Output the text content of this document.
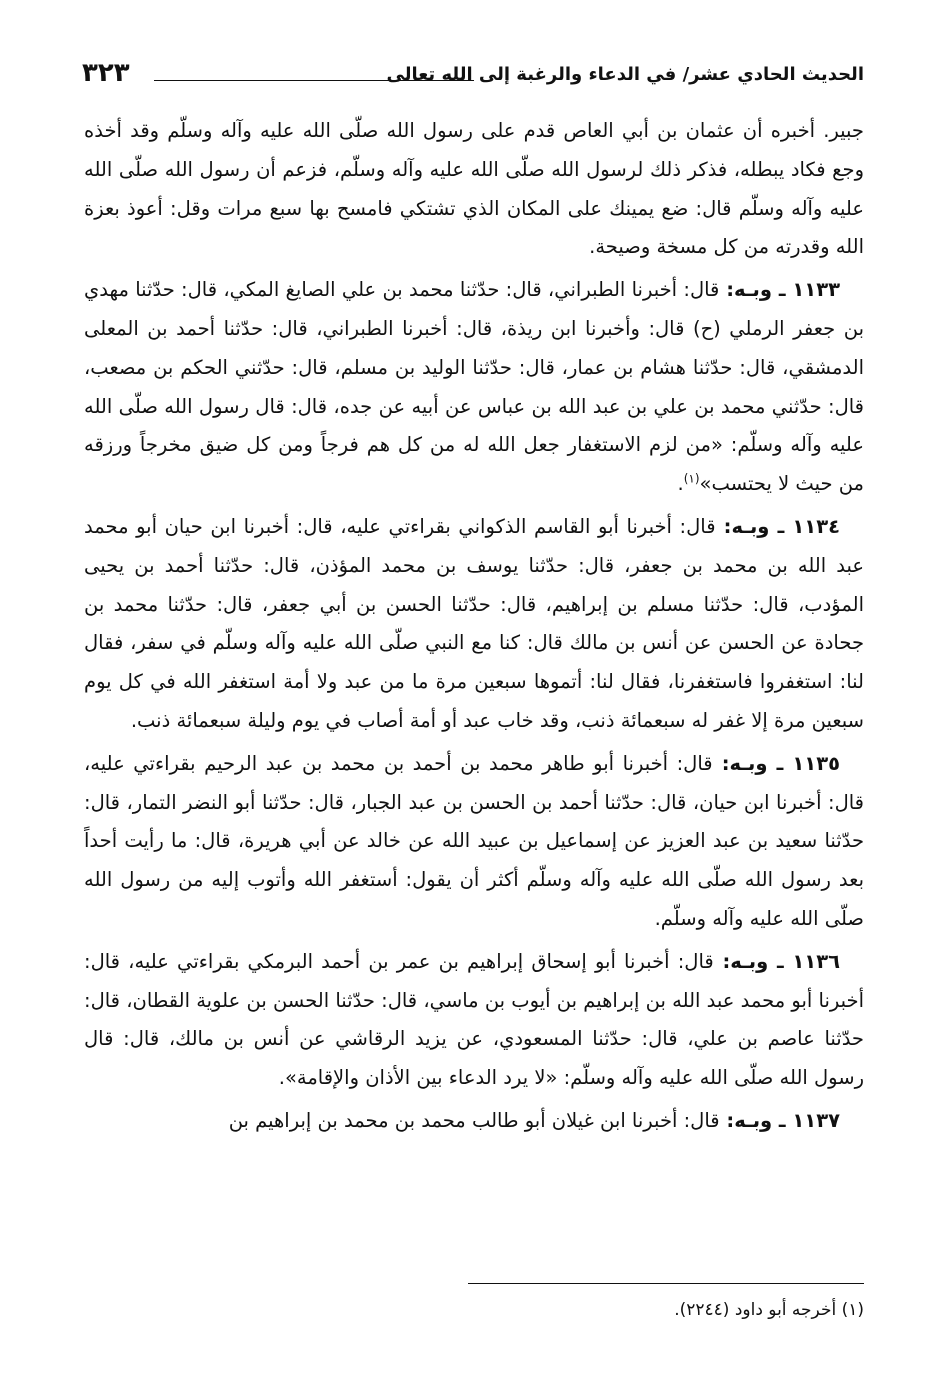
الحديث الحادي عشر/ في الدعاء والرغبة إلى الله تعالى
٣٢٣

جبير. أخبره أن عثمان بن أبي العاص قدم على رسول الله صلّى الله عليه وآله وسلّم وقد أخذه وجع فكاد يبطله، فذكر ذلك لرسول الله صلّى الله عليه وآله وسلّم، فزعم أن رسول الله صلّى الله عليه وآله وسلّم قال: ضع يمينك على المكان الذي تشتكي فامسح بها سبع مرات وقل: أعوذ بعزة الله وقدرته من كل مسخة وصيحة.

١١٣٣ ـ وبـه: قال: أخبرنا الطبراني، قال: حدّثنا محمد بن علي الصايغ المكي، قال: حدّثنا مهدي بن جعفر الرملي (ح) قال: وأخبرنا ابن ريذة، قال: أخبرنا الطبراني، قال: حدّثنا أحمد بن المعلى الدمشقي، قال: حدّثنا هشام بن عمار، قال: حدّثنا الوليد بن مسلم، قال: حدّثني الحكم بن مصعب، قال: حدّثني محمد بن علي بن عبد الله بن عباس عن أبيه عن جده، قال: قال رسول الله صلّى الله عليه وآله وسلّم: «من لزم الاستغفار جعل الله له من كل هم فرجاً ومن كل ضيق مخرجاً ورزقه من حيث لا يحتسب»$^{(١)}$.

١١٣٤ ـ وبـه: قال: أخبرنا أبو القاسم الذكواني بقراءتي عليه، قال: أخبرنا ابن حيان أبو محمد عبد الله بن محمد بن جعفر، قال: حدّثنا يوسف بن محمد المؤذن، قال: حدّثنا أحمد بن يحيى المؤدب، قال: حدّثنا مسلم بن إبراهيم، قال: حدّثنا الحسن بن أبي جعفر، قال: حدّثنا محمد بن جحادة عن الحسن عن أنس بن مالك قال: كنا مع النبي صلّى الله عليه وآله وسلّم في سفر، فقال لنا: استغفروا فاستغفرنا، فقال لنا: أتموها سبعين مرة ما من عبد ولا أمة استغفر الله في كل يوم سبعين مرة إلا غفر له سبعمائة ذنب، وقد خاب عبد أو أمة أصاب في يوم وليلة سبعمائة ذنب.

١١٣٥ ـ وبـه: قال: أخبرنا أبو طاهر محمد بن أحمد بن محمد بن عبد الرحيم بقراءتي عليه، قال: أخبرنا ابن حيان، قال: حدّثنا أحمد بن الحسن بن عبد الجبار، قال: حدّثنا أبو النضر التمار، قال: حدّثنا سعيد بن عبد العزيز عن إسماعيل بن عبيد الله عن خالد عن أبي هريرة، قال: ما رأيت أحداً بعد رسول الله صلّى الله عليه وآله وسلّم أكثر أن يقول: أستغفر الله وأتوب إليه من رسول الله صلّى الله عليه وآله وسلّم.

١١٣٦ ـ وبـه: قال: أخبرنا أبو إسحاق إبراهيم بن عمر بن أحمد البرمكي بقراءتي عليه، قال: أخبرنا أبو محمد عبد الله بن إبراهيم بن أيوب بن ماسي، قال: حدّثنا الحسن بن علوية القطان، قال: حدّثنا عاصم بن علي، قال: حدّثنا المسعودي، عن يزيد الرقاشي عن أنس بن مالك، قال: قال رسول الله صلّى الله عليه وآله وسلّم: «لا يرد الدعاء بين الأذان والإقامة».

١١٣٧ ـ وبـه: قال: أخبرنا ابن غيلان أبو طالب محمد بن محمد بن إبراهيم بن

(١) أخرجه أبو داود (٢٢٤٤).
